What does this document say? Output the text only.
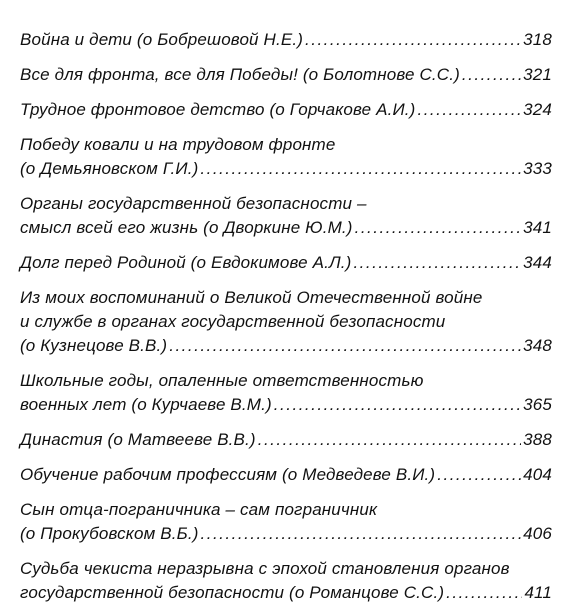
Война и дети (о Бобрешовой Н.Е.) .....	318
Все для фронта, все для Победы! (о Болотнове С.С.) .....	321
Трудное фронтовое детство (о Горчакове А.И.) .....	324
Победу ковали и на трудовом фронте
(о Демьяновском Г.И.) .....	333
Органы государственной безопасности –
смысл всей его жизнь (о Дворкине Ю.М.) .....	341
Долг перед Родиной (о Евдокимове А.Л.) .....	344
Из моих воспоминаний о Великой Отечественной войне
и службе в органах государственной безопасности
(о Кузнецове В.В.) .....	348
Школьные годы, опаленные ответственностью
военных лет (о Курчаеве В.М.) .....	365
Династия (о Матвееве В.В.) .....	388
Обучение рабочим профессиям (о Медведеве В.И.) .....	404
Сын отца-пограничника – сам пограничник
(о Прокубовском В.Б.) .....	406
Судьба чекиста неразрывна с эпохой становления органов
государственной безопасности (о Романцове С.С.) .....	411
